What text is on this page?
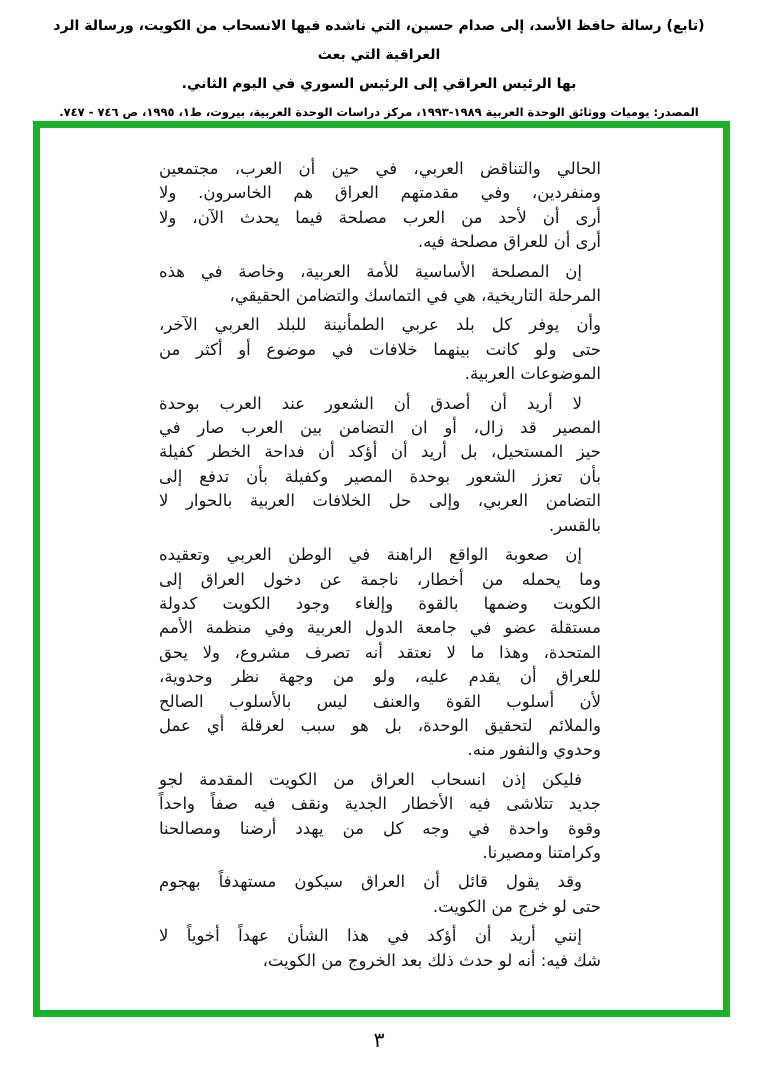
(تابع) رسالة حافظ الأسد، إلى صدام حسين، التي ناشده فيها الانسحاب من الكويت، ورسالة الرد العراقية التي بعث
بها الرئيس العراقي إلى الرئيس السوري في اليوم الثاني.
المصدر: يوميات ووثائق الوحدة العربية ١٩٨٩-١٩٩٣، مركز دراسات الوحدة العربية، بيروت، ط١، ١٩٩٥، ص ٧٤٦ - ٧٤٧.
الحالي والتناقض العربي، في حين أن العرب، مجتمعين
ومنفردين، وفي مقدمتهم العراق هم الخاسرون. ولا
أرى أن لأحد من العرب مصلحة فيما يحدث الآن، ولا
أرى أن للعراق مصلحة فيه.
إن المصلحة الأساسية للأمة العربية، وخاصة في هذه
المرحلة التاريخية، هي في التماسك والتضامن الحقيقي،
وأن يوفر كل بلد عربي الطمأنينة للبلد العربي الآخر،
حتى ولو كانت بينهما خلافات في موضوع أو أكثر من
الموضوعات العربية.
لا أريد أن أصدق أن الشعور عند العرب بوحدة
المصير قد زال، أو ان التضامن بين العرب صار في
حيز المستحيل، بل أريد أن أؤكد أن فداحة الخطر كفيلة
بأن تعزز الشعور بوحدة المصير وكفيلة بأن تدفع إلى
التضامن العربي، وإلى حل الخلافات العربية بالحوار لا
بالقسر.
إن صعوبة الواقع الراهنة في الوطن العربي وتعقيده
وما يحمله من أخطار، ناجمة عن دخول العراق إلى
الكويت وضمها بالقوة وإلغاء وجود الكويت كدولة
مستقلة عضو في جامعة الدول العربية وفي منظمة الأمم
المتحدة، وهذا ما لا نعتقد أنه تصرف مشروع، ولا يحق
للعراق أن يقدم عليه، ولو من وجهة نظر وحدوية،
لأن أسلوب القوة والعنف ليس بالأسلوب الصالح
والملائم لتحقيق الوحدة، بل هو سبب لعرقلة أي عمل
وحدوي والنفور منه.
فليكن إذن انسحاب العراق من الكويت المقدمة لجو
جديد تتلاشى فيه الأخطار الجدية ونقف فيه صفاً واحداً
وقوة واحدة في وجه كل من يهدد أرضنا ومصالحنا
وكرامتنا ومصيرنا.
وقد يقول قائل أن العراق سيكون مستهدفاً بهجوم
حتى لو خرج من الكويت.
إنني أريد أن أؤكد في هذا الشأن عهداً أخوياً لا
شك فيه: أنه لو حدث ذلك بعد الخروج من الكويت،
٣
